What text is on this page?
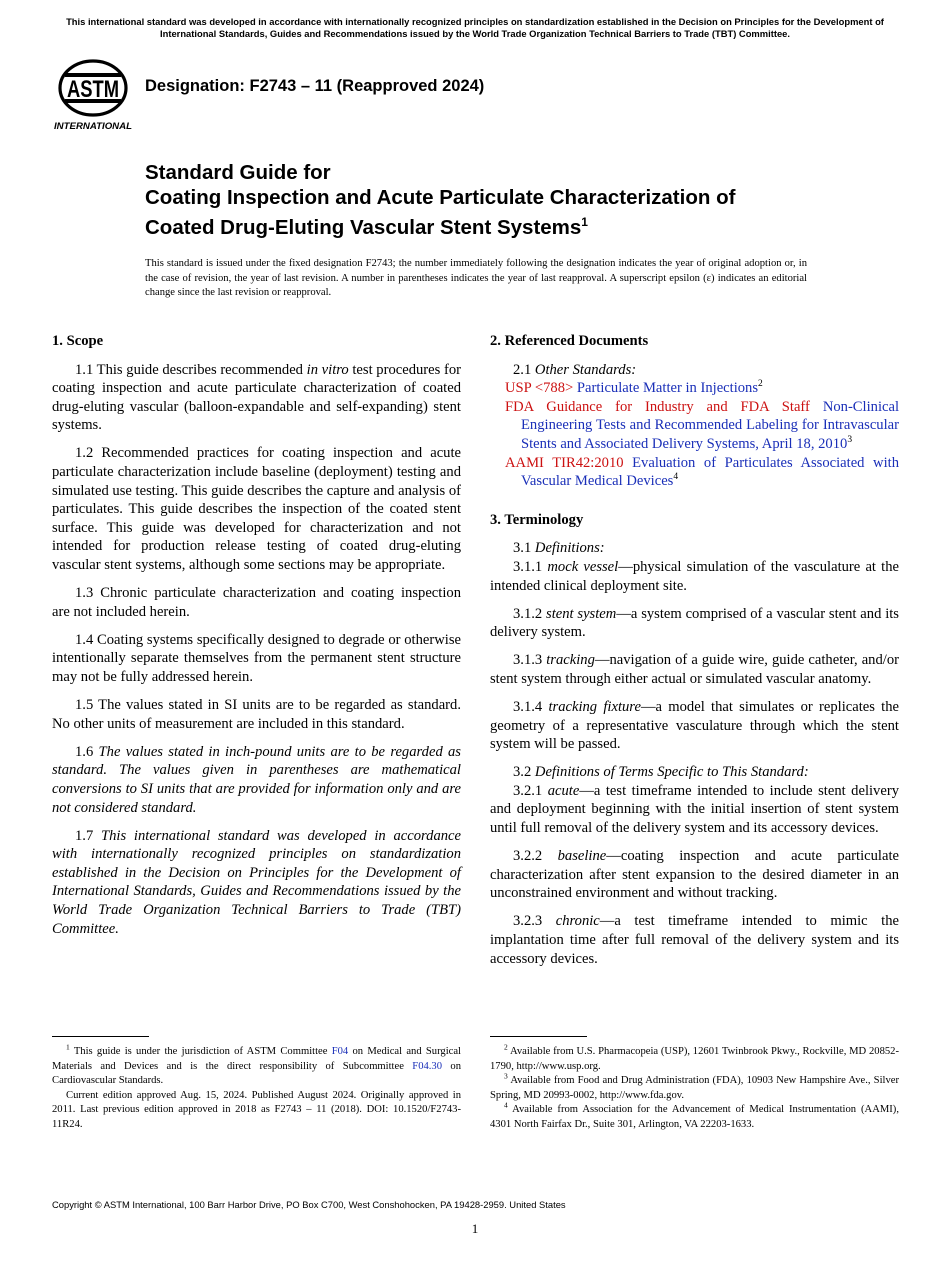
This international standard was developed in accordance with internationally recognized principles on standardization established in the Decision on Principles for the Development of International Standards, Guides and Recommendations issued by the World Trade Organization Technical Barriers to Trade (TBT) Committee.
ASTM
INTERNATIONAL
Designation: F2743 – 11 (Reapproved 2024)
Standard Guide for
Coating Inspection and Acute Particulate Characterization of
Coated Drug-Eluting Vascular Stent Systems$^1$
This standard is issued under the fixed designation F2743; the number immediately following the designation indicates the year of original adoption or, in the case of revision, the year of last revision. A number in parentheses indicates the year of last reapproval. A superscript epsilon (ε) indicates an editorial change since the last revision or reapproval.
1. Scope

1.1 This guide describes recommended in vitro test procedures for coating inspection and acute particulate characterization of coated drug-eluting vascular (balloon-expandable and self-expanding) stent systems.

1.2 Recommended practices for coating inspection and acute particulate characterization include baseline (deployment) testing and simulated use testing. This guide describes the capture and analysis of particulates. This guide describes the inspection of the coated stent surface. This guide was developed for characterization and not intended for production release testing of coated drug-eluting vascular stent systems, although some sections may be appropriate.

1.3 Chronic particulate characterization and coating inspection are not included herein.

1.4 Coating systems specifically designed to degrade or otherwise intentionally separate themselves from the permanent stent structure may not be fully addressed herein.

1.5 The values stated in SI units are to be regarded as standard. No other units of measurement are included in this standard.

1.6 The values stated in inch-pound units are to be regarded as standard. The values given in parentheses are mathematical conversions to SI units that are provided for information only and are not considered standard.

1.7 This international standard was developed in accordance with internationally recognized principles on standardization established in the Decision on Principles for the Development of International Standards, Guides and Recommendations issued by the World Trade Organization Technical Barriers to Trade (TBT) Committee.

2. Referenced Documents

2.1 Other Standards:

USP <788> Particulate Matter in Injections$^2$
FDA Guidance for Industry and FDA Staff Non-Clinical Engineering Tests and Recommended Labeling for Intravascular Stents and Associated Delivery Systems, April 18, 2010$^3$
AAMI TIR42:2010 Evaluation of Particulates Associated with Vascular Medical Devices$^4$
3. Terminology

3.1 Definitions:

3.1.1 mock vessel—physical simulation of the vasculature at the intended clinical deployment site.

3.1.2 stent system—a system comprised of a vascular stent and its delivery system.

3.1.3 tracking—navigation of a guide wire, guide catheter, and/or stent system through either actual or simulated vascular anatomy.

3.1.4 tracking fixture—a model that simulates or replicates the geometry of a representative vasculature through which the stent system will be passed.

3.2 Definitions of Terms Specific to This Standard:

3.2.1 acute—a test timeframe intended to include stent delivery and deployment beginning with the initial insertion of stent system until full removal of the delivery system and its accessory devices.

3.2.2 baseline—coating inspection and acute particulate characterization after stent expansion to the desired diameter in an unconstrained environment and without tracking.

3.2.3 chronic—a test timeframe intended to mimic the implantation time after full removal of the delivery system and its accessory devices.

$^1$ This guide is under the jurisdiction of ASTM Committee F04 on Medical and Surgical Materials and Devices and is the direct responsibility of Subcommittee F04.30 on Cardiovascular Standards.

Current edition approved Aug. 15, 2024. Published August 2024. Originally approved in 2011. Last previous edition approved in 2018 as F2743 – 11 (2018). DOI: 10.1520/F2743-11R24.

$^2$ Available from U.S. Pharmacopeia (USP), 12601 Twinbrook Pkwy., Rockville, MD 20852-1790, http://www.usp.org.

$^3$ Available from Food and Drug Administration (FDA), 10903 New Hampshire Ave., Silver Spring, MD 20993-0002, http://www.fda.gov.

$^4$ Available from Association for the Advancement of Medical Instrumentation (AAMI), 4301 North Fairfax Dr., Suite 301, Arlington, VA 22203-1633.

Copyright © ASTM International, 100 Barr Harbor Drive, PO Box C700, West Conshohocken, PA 19428-2959. United States
1
